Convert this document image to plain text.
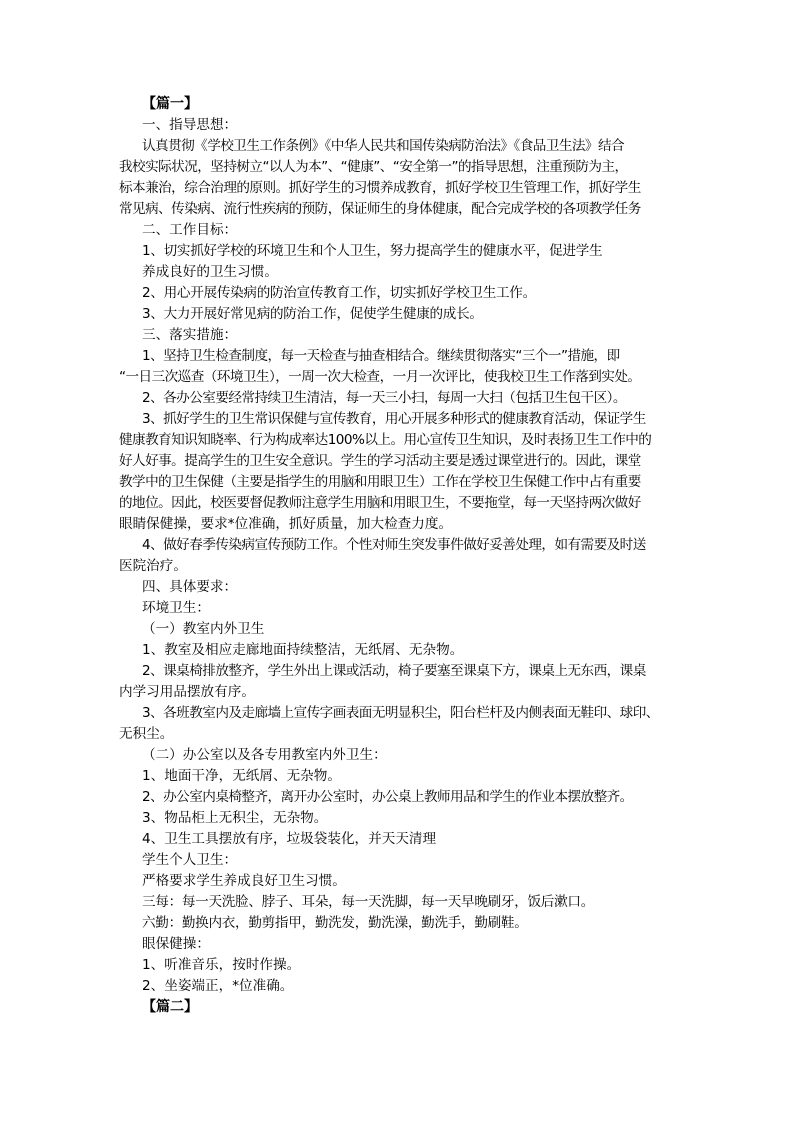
【篇一】
一、指导思想：
认真贯彻《学校卫生工作条例》《中华人民共和国传染病防治法》《食品卫生法》结合
我校实际状况，坚持树立“以人为本”、“健康”、“安全第一”的指导思想，注重预防为主，
标本兼治，综合治理的原则。抓好学生的习惯养成教育，抓好学校卫生管理工作，抓好学生
常见病、传染病、流行性疾病的预防，保证师生的身体健康，配合完成学校的各项教学任务
二、工作目标：
1、切实抓好学校的环境卫生和个人卫生，努力提高学生的健康水平，促进学生
养成良好的卫生习惯。
2、用心开展传染病的防治宣传教育工作，切实抓好学校卫生工作。
3、大力开展好常见病的防治工作，促使学生健康的成长。
三、落实措施：
1、坚持卫生检查制度，每一天检查与抽查相结合。继续贯彻落实“三个一”措施，即
“一日三次巡查（环境卫生），一周一次大检查，一月一次评比，使我校卫生工作落到实处。
2、各办公室要经常持续卫生清洁，每一天三小扫，每周一大扫（包括卫生包干区）。
3、抓好学生的卫生常识保健与宣传教育，用心开展多种形式的健康教育活动，保证学生
健康教育知识知晓率、行为构成率达100%以上。用心宣传卫生知识，及时表扬卫生工作中的
好人好事。提高学生的卫生安全意识。学生的学习活动主要是透过课堂进行的。因此，课堂
教学中的卫生保健（主要是指学生的用脑和用眼卫生）工作在学校卫生保健工作中占有重要
的地位。因此，校医要督促教师注意学生用脑和用眼卫生，不要拖堂，每一天坚持两次做好
眼睛保健操，要求*位准确，抓好质量，加大检查力度。
4、做好春季传染病宣传预防工作。个性对师生突发事件做好妥善处理，如有需要及时送
医院治疗。
四、具体要求：
环境卫生：
（一）教室内外卫生
1、教室及相应走廊地面持续整洁，无纸屑、无杂物。
2、课桌椅排放整齐，学生外出上课或活动，椅子要塞至课桌下方，课桌上无东西，课桌
内学习用品摆放有序。
3、各班教室内及走廊墙上宣传字画表面无明显积尘，阳台栏杆及内侧表面无鞋印、球印、
无积尘。
（二）办公室以及各专用教室内外卫生：
1、地面干净，无纸屑、无杂物。
2、办公室内桌椅整齐，离开办公室时，办公桌上教师用品和学生的作业本摆放整齐。
3、物品柜上无积尘，无杂物。
4、卫生工具摆放有序，垃圾袋装化，并天天清理
学生个人卫生：
严格要求学生养成良好卫生习惯。
三每：每一天洗脸、脖子、耳朵，每一天洗脚，每一天早晚刷牙，饭后漱口。
六勤：勤换内衣，勤剪指甲，勤洗发，勤洗澡，勤洗手，勤刷鞋。
眼保健操：
1、听准音乐，按时作操。
2、坐姿端正，*位准确。
【篇二】
